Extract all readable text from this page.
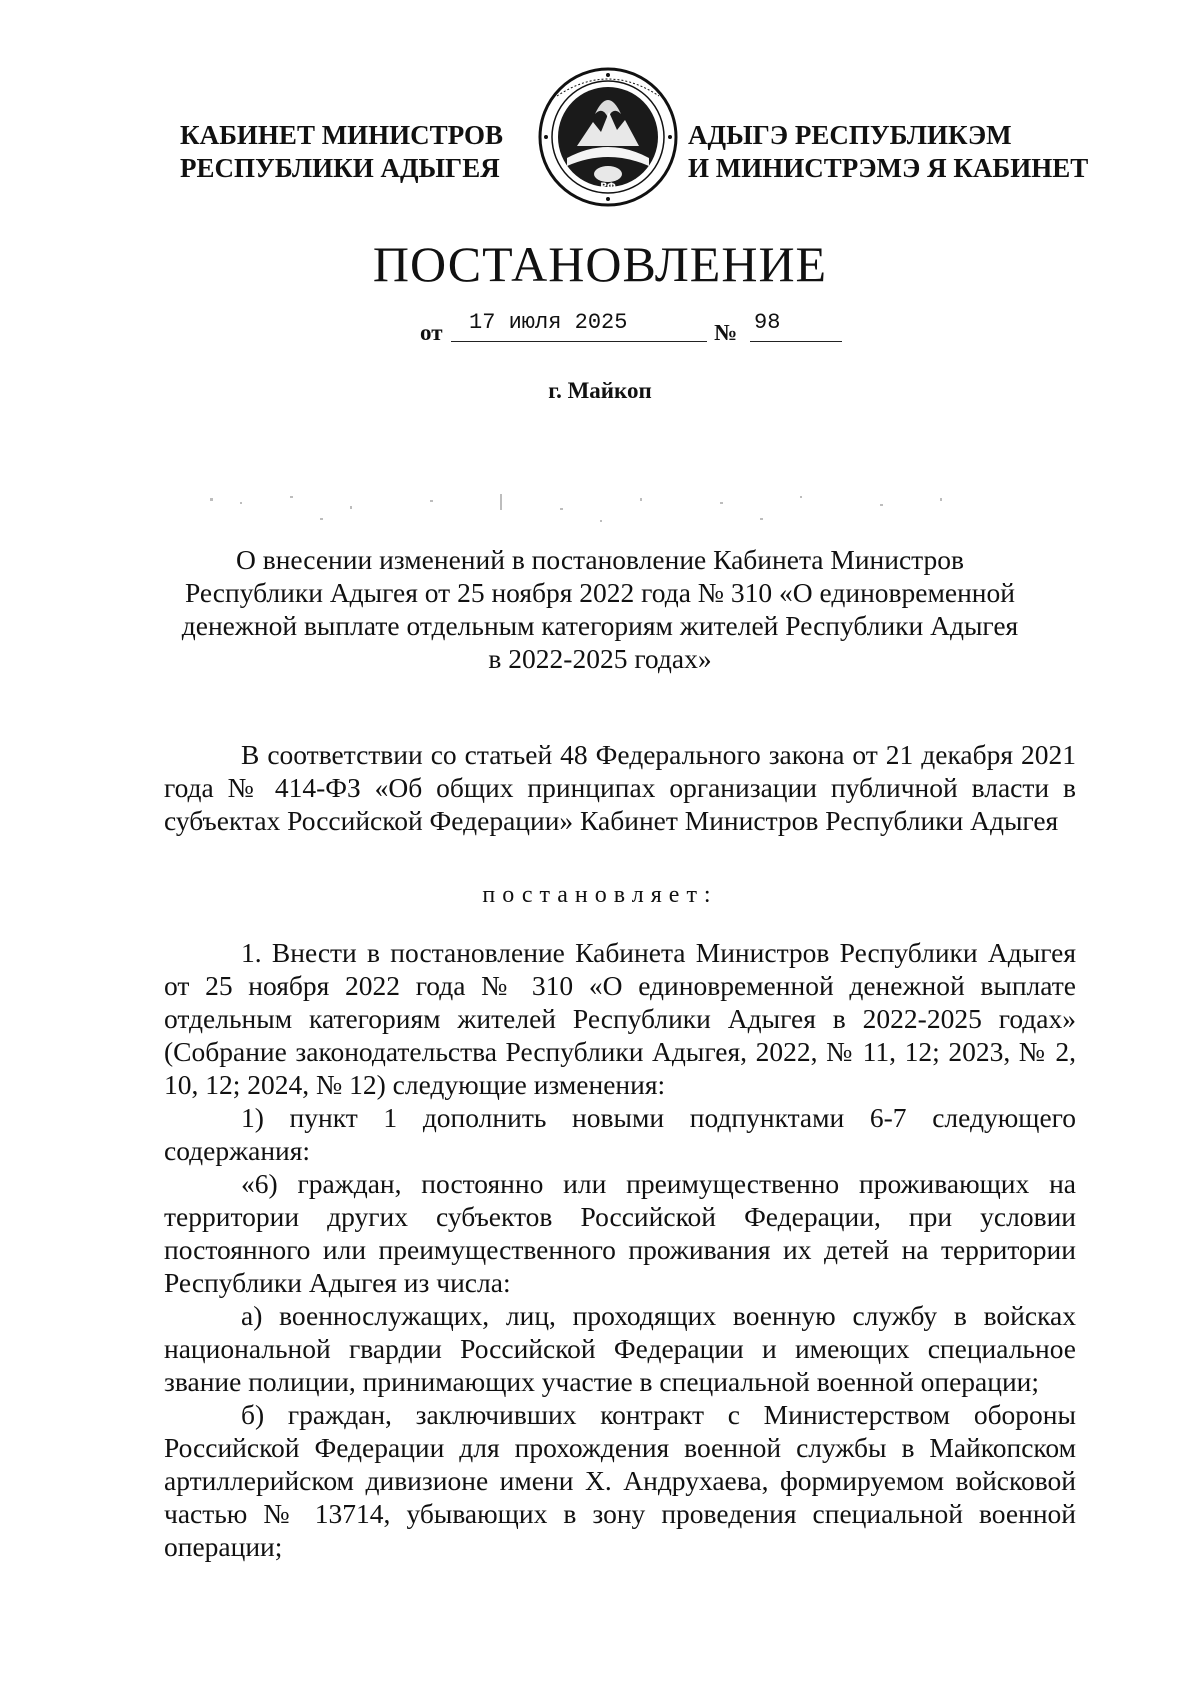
КАБИНЕТ МИНИСТРОВ
РЕСПУБЛИКИ АДЫГЕЯ
РФ
АДЫГЭ РЕСПУБЛИКЭМ
И МИНИСТРЭМЭ Я КАБИНЕТ
ПОСТАНОВЛЕНИЕ
от	17 июля 2025	№ 98
г. Майкоп
О внесении изменений в постановление Кабинета Министров
Республики Адыгея от 25 ноября 2022 года № 310 «О единовременной
денежной выплате отдельным категориям жителей Республики Адыгея
в 2022-2025 годах»

В соответствии со статьей 48 Федерального закона от 21 декабря 2021 года № 414-ФЗ «Об общих принципах организации публичной власти в субъектах Российской Федерации» Кабинет Министров Республики Адыгея

постановляет:

1. Внести в постановление Кабинета Министров Республики Адыгея от 25 ноября 2022 года № 310 «О единовременной денежной выплате отдельным категориям жителей Республики Адыгея в 2022-2025 годах» (Собрание законодательства Республики Адыгея, 2022, № 11, 12; 2023, № 2, 10, 12; 2024, № 12) следующие изменения:

1) пункт 1 дополнить новыми подпунктами 6-7 следующего содержания:

«6) граждан, постоянно или преимущественно проживающих на территории других субъектов Российской Федерации, при условии постоянного или преимущественного проживания их детей на территории Республики Адыгея из числа:

а) военнослужащих, лиц, проходящих военную службу в войсках национальной гвардии Российской Федерации и имеющих специальное звание полиции, принимающих участие в специальной военной операции;

б) граждан, заключивших контракт с Министерством обороны Российской Федерации для прохождения военной службы в Майкопском артиллерийском дивизионе имени Х. Андрухаева, формируемом войсковой частью № 13714, убывающих в зону проведения специальной военной операции;
